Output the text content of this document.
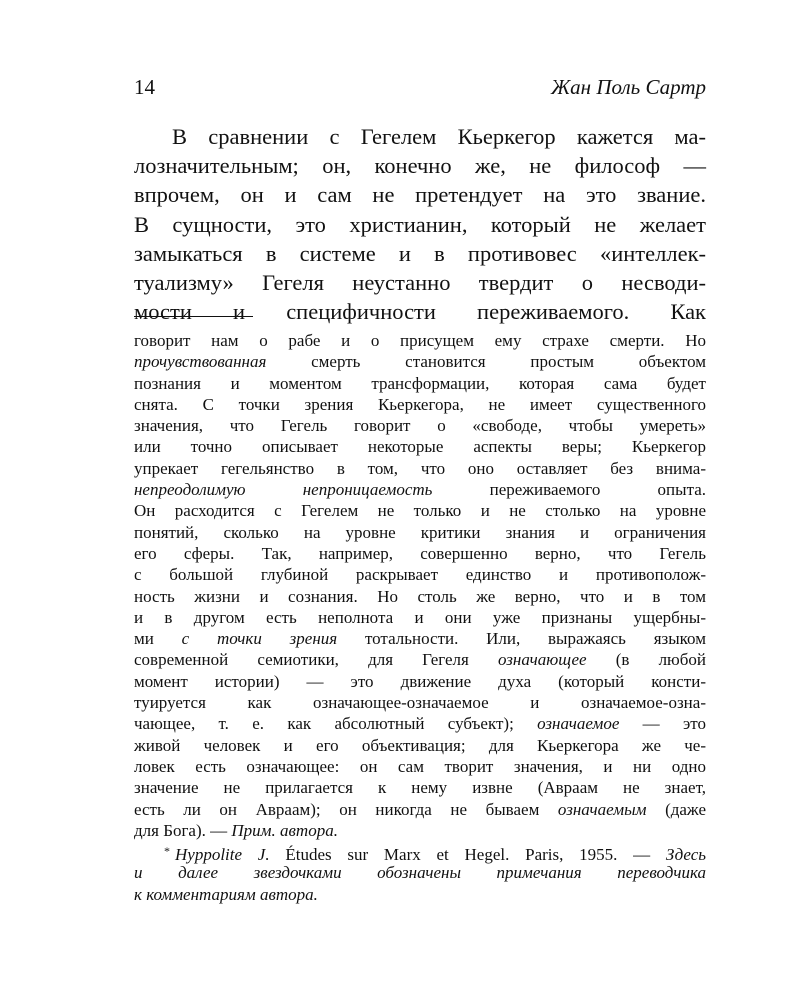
14	Жан Поль Сартр
В сравнении с Гегелем Кьеркегор кажется ма-
лозначительным; он, конечно же, не философ —
впрочем, он и сам не претендует на это звание.
В сущности, это христианин, который не желает
замыкаться в системе и в противовес «интеллек-
туализму» Гегеля неустанно твердит о несводи-
мости и специфичности переживаемого. Как
говорит нам о рабе и о присущем ему страхе смерти. Но
прочувствованная смерть становится простым объектом
познания и моментом трансформации, которая сама будет
снята. С точки зрения Кьеркегора, не имеет существенного
значения, что Гегель говорит о «свободе, чтобы умереть»
или точно описывает некоторые аспекты веры; Кьеркегор
упрекает гегельянство в том, что оно оставляет без внима-
непреодолимую непроницаемость переживаемого опыта.
Он расходится с Гегелем не только и не столько на уровне
понятий, сколько на уровне критики знания и ограничения
его сферы. Так, например, совершенно верно, что Гегель
с большой глубиной раскрывает единство и противополож-
ность жизни и сознания. Но столь же верно, что и в том
и в другом есть неполнота и они уже признаны ущербны-
ми с точки зрения тотальности. Или, выражаясь языком
современной семиотики, для Гегеля означающее (в любой
момент истории) — это движение духа (который консти-
туируется как означающее-означаемое и означаемое-озна-
чающее, т. е. как абсолютный субъект); означаемое — это
живой человек и его объективация; для Кьеркегора же че-
ловек есть означающее: он сам творит значения, и ни одно
значение не прилагается к нему извне (Авраам не знает,
есть ли он Авраам); он никогда не бываем означаемым (даже
для Бога). — Прим. автора.
* Hyppolite J. Études sur Marx et Hegel. Paris, 1955. — Здесь
и далее звездочками обозначены примечания переводчика
к комментариям автора.
